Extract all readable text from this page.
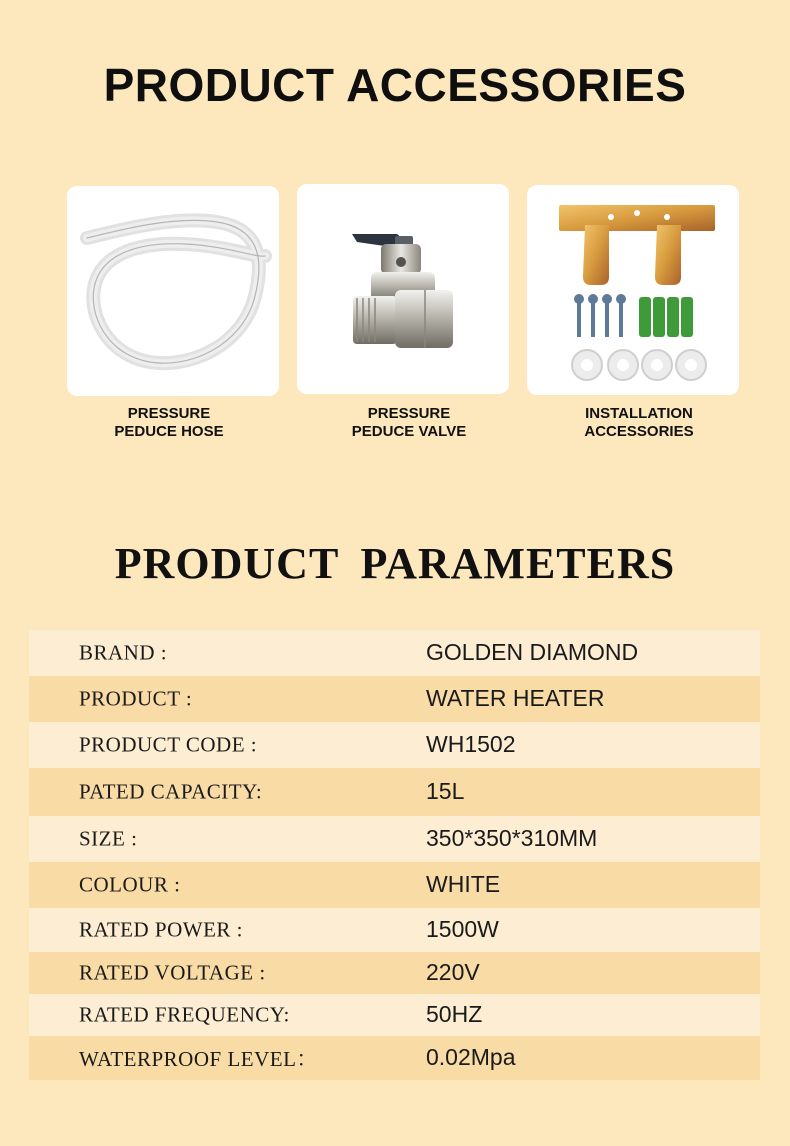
PRODUCT ACCESSORIES
PRESSURE
PEDUCE HOSE
PRESSURE
PEDUCE VALVE
INSTALLATION
ACCESSORIES
PRODUCT PARAMETERS
BRAND :	GOLDEN DIAMOND
PRODUCT :	WATER HEATER
PRODUCT CODE :	WH1502
PATED CAPACITY:	15L
SIZE :	350*350*310MM
COLOUR :	WHITE
RATED POWER :	1500W
RATED VOLTAGE :	220V
RATED FREQUENCY:	50HZ
WATERPROOF LEVEL：	0.02Mpa
